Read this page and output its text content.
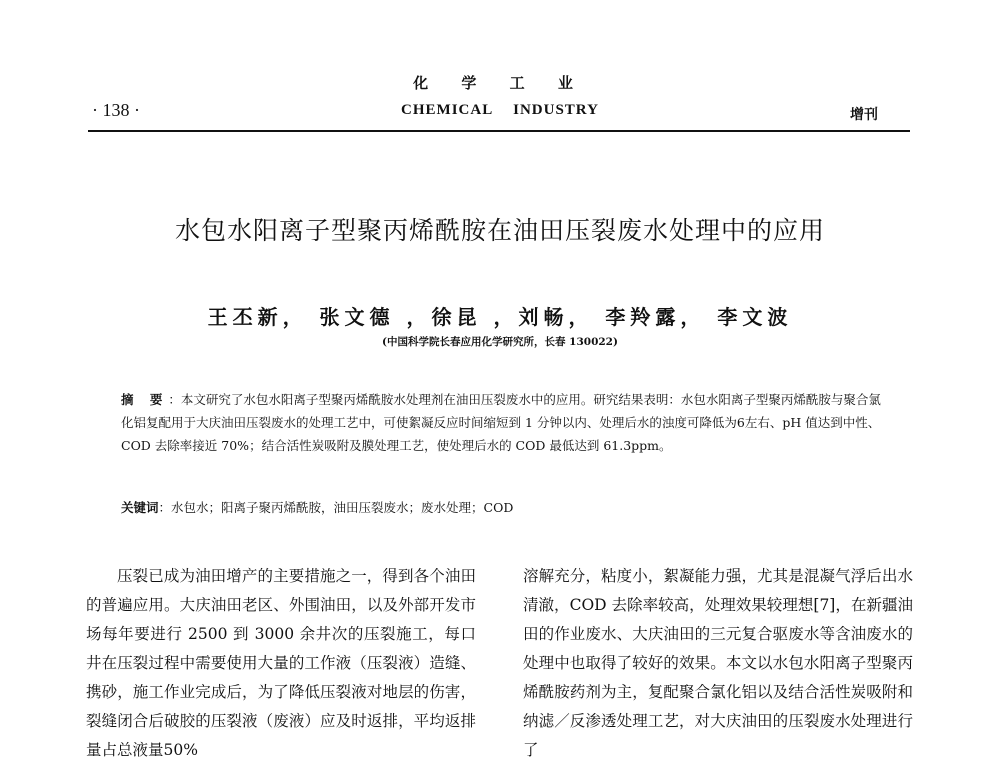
化 学 工 业
· 138 ·	CHEMICAL INDUSTRY	增刊
水包水阳离子型聚丙烯酰胺在油田压裂废水处理中的应用
王丕新， 张文德 ，徐昆 ，刘畅， 李羚露， 李文波
(中国科学院长春应用化学研究所，长春 130022)
摘 要：本文研究了水包水阳离子型聚丙烯酰胺水处理剂在油田压裂废水中的应用。研究结果表明：水包水阳离子型聚丙烯酰胺与聚合氯化铝复配用于大庆油田压裂废水的处理工艺中，可使絮凝反应时间缩短到 1 分钟以内、处理后水的浊度可降低为6左右、pH 值达到中性、COD 去除率接近 70%；结合活性炭吸附及膜处理工艺，使处理后水的 COD 最低达到 61.3ppm。
关键词：水包水；阳离子聚丙烯酰胺，油田压裂废水；废水处理；COD
压裂已成为油田增产的主要措施之一，得到各个油田的普遍应用。大庆油田老区、外围油田，以及外部开发市场每年要进行 2500 到 3000 余井次的压裂施工，每口井在压裂过程中需要使用大量的工作液（压裂液）造缝、携砂，施工作业完成后，为了降低压裂液对地层的伤害，裂缝闭合后破胶的压裂液（废液）应及时返排，平均返排量占总液量50%
溶解充分，粘度小，絮凝能力强，尤其是混凝气浮后出水清澈，COD 去除率较高，处理效果较理想[7]，在新疆油田的作业废水、大庆油田的三元复合驱废水等含油废水的处理中也取得了较好的效果。本文以水包水阳离子型聚丙烯酰胺药剂为主，复配聚合氯化铝以及结合活性炭吸附和纳滤／反渗透处理工艺，对大庆油田的压裂废水处理进行了
